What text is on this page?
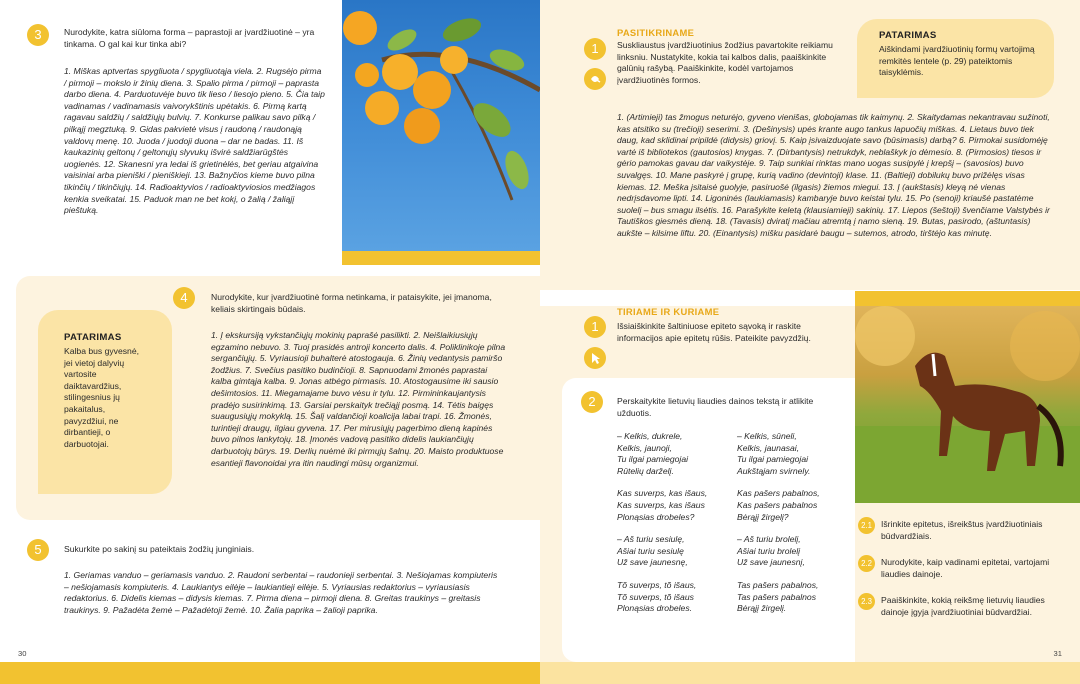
3	Nurodykite, katra siūloma forma – paprastoji ar įvardžiuotinė – yra tinkama. O gal kai kur tinka abi?
1. Miškas aptvertas spygliuota / spygliuotąja viela. 2. Rugsėjo pirma / pirmoji – mokslo ir žinių diena. 3. Spalio pirma / pirmoji – paprasta darbo diena. 4. Parduotuvėje buvo tik lieso / liesojo pieno. 5. Čia taip vadinamas / vadinamasis vaivorykštinis upėtakis. 6. Pirmą kartą ragavau saldžių / saldžiųjų bulvių. 7. Konkurse palikau savo pilką / pilkąjį megztuką. 9. Gidas pakvietė visus į raudoną / raudonąją valdovų menę. 10. Juoda / juodoji duona – dar ne badas. 11. Iš kaukazinių geltonų / geltonųjų slyvukų išvirė saldžiarūgštės uogienės. 12. Skanesni yra ledai iš grietinėlės, bet geriau atgaivina vaisiniai arba pieniški / pieniškieji. 13. Bažnyčios kieme buvo pilna tikinčių / tikinčiųjų. 14. Radioaktyvios / radioaktyviosios medžiagos kenkia sveikatai. 15. Paduok man ne bet kokį, o žalią / žaliąjį pieštuką.
4	Nurodykite, kur įvardžiuotinė forma netinkama, ir pataisykite, jei įmanoma, keliais skirtingais būdais.
1. Į ekskursiją vykstančiųjų mokinių paprašė pasilikti. 2. Neišlaikiusiųjų egzamino nebuvo. 3. Tuoj prasidės antroji koncerto dalis. 4. Poliklinikoje pilna sergančiųjų. 5. Vyriausioji buhalterė atostogauja. 6. Žinių vedantysis pamiršo žodžius. 7. Svečius pasitiko budinčioji. 8. Sapnuodami žmonės paprastai kalba gimtąja kalba. 9. Jonas atbėgo pirmasis. 10. Atostogausime iki sausio dešimtosios. 11. Miegamajame buvo vėsu ir tylu. 12. Pirmininkaujantysis pradėjo susirinkimą. 13. Garsiai perskaityk trečiąjį posmą. 14. Tėtis baigęs suaugusiųjų mokyklą. 15. Šalį valdančioji koalicija labai trapi. 16. Žmonės, turintieji draugų, ilgiau gyvena. 17. Per mirusiųjų pagerbimo dieną kapinės buvo pilnos lankytojų. 18. Įmonės vadovą pasitiko didelis laukiančiųjų darbuotojų būrys. 19. Derlių nuėmė iki pirmųjų šalnų. 20. Maisto produktuose esantieji flavonoidai yra itin naudingi mūsų organizmui.
PATARIMAS
Kalba bus gyvesnė, jei vietoj dalyvių vartosite daiktavardžius, stilingesnius jų pakaitalus, pavyzdžiui, ne dirbantieji, o darbuotojai.
5	Sukurkite po sakinį su pateiktais žodžių junginiais.
1. Geriamas vanduo – geriamasis vanduo. 2. Raudoni serbentai – raudonieji serbentai. 3. Nešiojamas kompiuteris – nešiojamasis kompiuteris. 4. Laukiantys eilėje – laukiantieji eilėje. 5. Vyriausias redaktorius – vyriausiasis redaktorius. 6. Didelis kiemas – didysis kiemas. 7. Pirma diena – pirmoji diena. 8. Greitas traukinys – greitasis traukinys. 9. Pažadėta žemė – Pažadėtoji žemė. 10. Žalia paprika – žalioji paprika.
30
PASITIKRINAME
1	Suskliaustus įvardžiuotinius žodžius pavartokite reikiamu linksniu. Nustatykite, kokia tai kalbos dalis, paaiškinkite galūnių rašybą. Paaiškinkite, kodėl vartojamos įvardžiuotinės formos.
PATARIMAS
Aiškindami įvardžiuotinių formų vartojimą remkitės lentele (p. 29) pateiktomis taisyklėmis.
1. (Artimieji) tas žmogus neturėjo, gyveno vienišas, globojamas tik kaimynų. 2. Skaitydamas nekantravau sužinoti, kas atsitiko su (trečioji) seserimi. 3. (Dešinysis) upės krante augo tankus lapuočių miškas. 4. Lietaus buvo tiek daug, kad sklidinai pripildė (didysis) griovį. 5. Kaip įsivaizduojate savo (būsimasis) darbą? 6. Pirmokai susidomėję vartė iš bibliotekos (gautosios) knygas. 7. (Dirbantysis) netrukdyk, neblaškyk jo dėmesio. 8. (Pirmosios) tiesos ir gėrio pamokas gavau dar vaikystėje. 9. Taip sunkiai rinktas mano uogas susipylė į krepšį – (savosios) buvo suvalgęs. 10. Mane paskyrė į grupę, kurią vadino (devintoji) klase. 11. (Baltieji) dobilukų buvo prižėlęs visas kiemas. 12. Meška jsitaisė guolyje, pasiruošė (ilgasis) žiemos miegui. 13. Į (aukštasis) kleyą nė vienas nedrįsdavome lipti. 14. Ligoninės (laukiamasis) kambaryje buvo keistai tylu. 15. Po (senoji) kriaušė pastatėme suolelį – bus smagu ilsėtis. 16. Parašykite keletą (klausiamieji) sakinių. 17. Liepos (šeštoji) švenčiame Valstybės ir Tautiškos giesmės dieną. 18. (Tavasis) dviratį mačiau atremtą į namo sieną. 19. Butas, pasirodo, (aštuntasis) aukšte – kilsime liftu. 20. (Einantysis) mišku pasidarė baugu – sutemos, atrodo, tirštėjo kas minutę.
TIRIAME IR KURIAME
1	Išsiaiškinkite šaltiniuose epiteto sąvoką ir raskite informacijos apie epitetų rūšis. Pateikite pavyzdžių.
2	Perskaitykite lietuvių liaudies dainos tekstą ir atlikite užduotis.
– Kelkis, dukrele,
Kelkis, jaunoji,
Tu ilgai pamiegojai
Rūtelių darželį.
Kas suverps, kas išaus,
Kas suverps, kas išaus
Plonąsias drobeles?
– Aš turiu sesiulę,
Ašiai turiu sesiulę
Už save jaunesnę,
Tõ suverps, tõ išaus,
Tõ suverps, tõ išaus
Plonąsias drobeles.
– Kelkis, sūneli,
Kelkis, jaunasai,
Tu ilgai pamiegojai
Aukštąjam svirnely.
Kas pašers pabalnos,
Kas pašers pabalnos
Bėrąjį žirgelį?
– Aš turiu brolelį,
Ašiai turiu brolelį
Už save jaunesnį,
Tas pašers pabalnos,
Tas pašers pabalnos
Bėrąjį žirgelį.
2.1	Išrinkite epitetus, išreikštus įvardžiuotiniais būdvardžiais.
2.2	Nurodykite, kaip vadinami epitetai, vartojami liaudies dainoje.
2.3	Paaiškinkite, kokią reikšmę lietuvių liaudies dainoje įgyja įvardžiuotiniai būdvardžiai.
31
